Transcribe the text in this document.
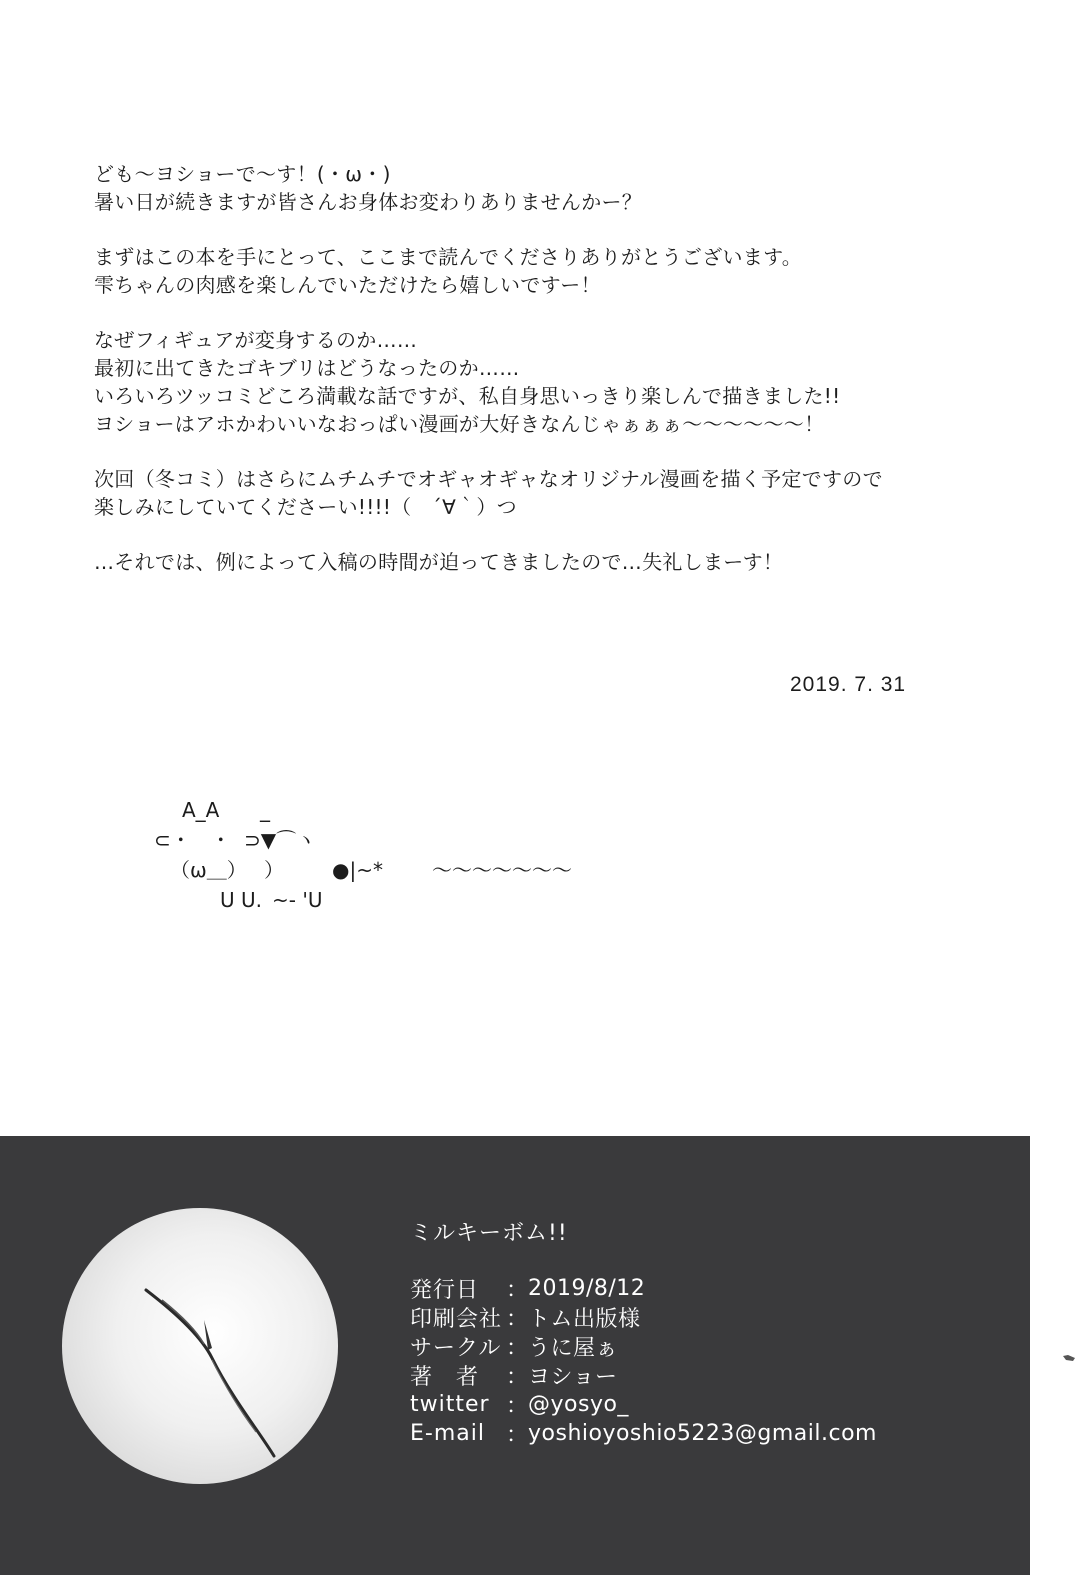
ども〜ヨショーで〜す！(・ω・)
暑い日が続きますが皆さんお身体お変わりありませんかー？
まずはこの本を手にとって、ここまで読んでくださりありがとうございます。
雫ちゃんの肉感を楽しんでいただけたら嬉しいですー！
なぜフィギュアが変身するのか……
最初に出てきたゴキブリはどうなったのか……
いろいろツッコミどころ満載な話ですが、私自身思いっきり楽しんで描きました!!
ヨショーはアホかわいいなおっぱい漫画が大好きなんじゃぁぁぁ〜〜〜〜〜〜！
次回（冬コミ）はさらにムチムチでオギャオギャなオリジナル漫画を描く予定ですので
楽しみにしていてくださーい!!!!（　´∀｀）つ
…それでは、例によって入稿の時間が迫ってきましたので…失礼しまーす！
2019. 7. 31
A_A _
⊂・　・ ⊃▼⌒ヽ
（ω＿） ） ●|~* 〜〜〜〜〜〜〜
U U. ~- 'U
ミルキーボム!!
発行日	： 2019/8/12
印刷会社 ： トム出版様
サークル ： うに屋ぁ
著　者	： ヨショー
twitter ： @yosyo_
E-mail ： yoshioyoshio5223@gmail.com
